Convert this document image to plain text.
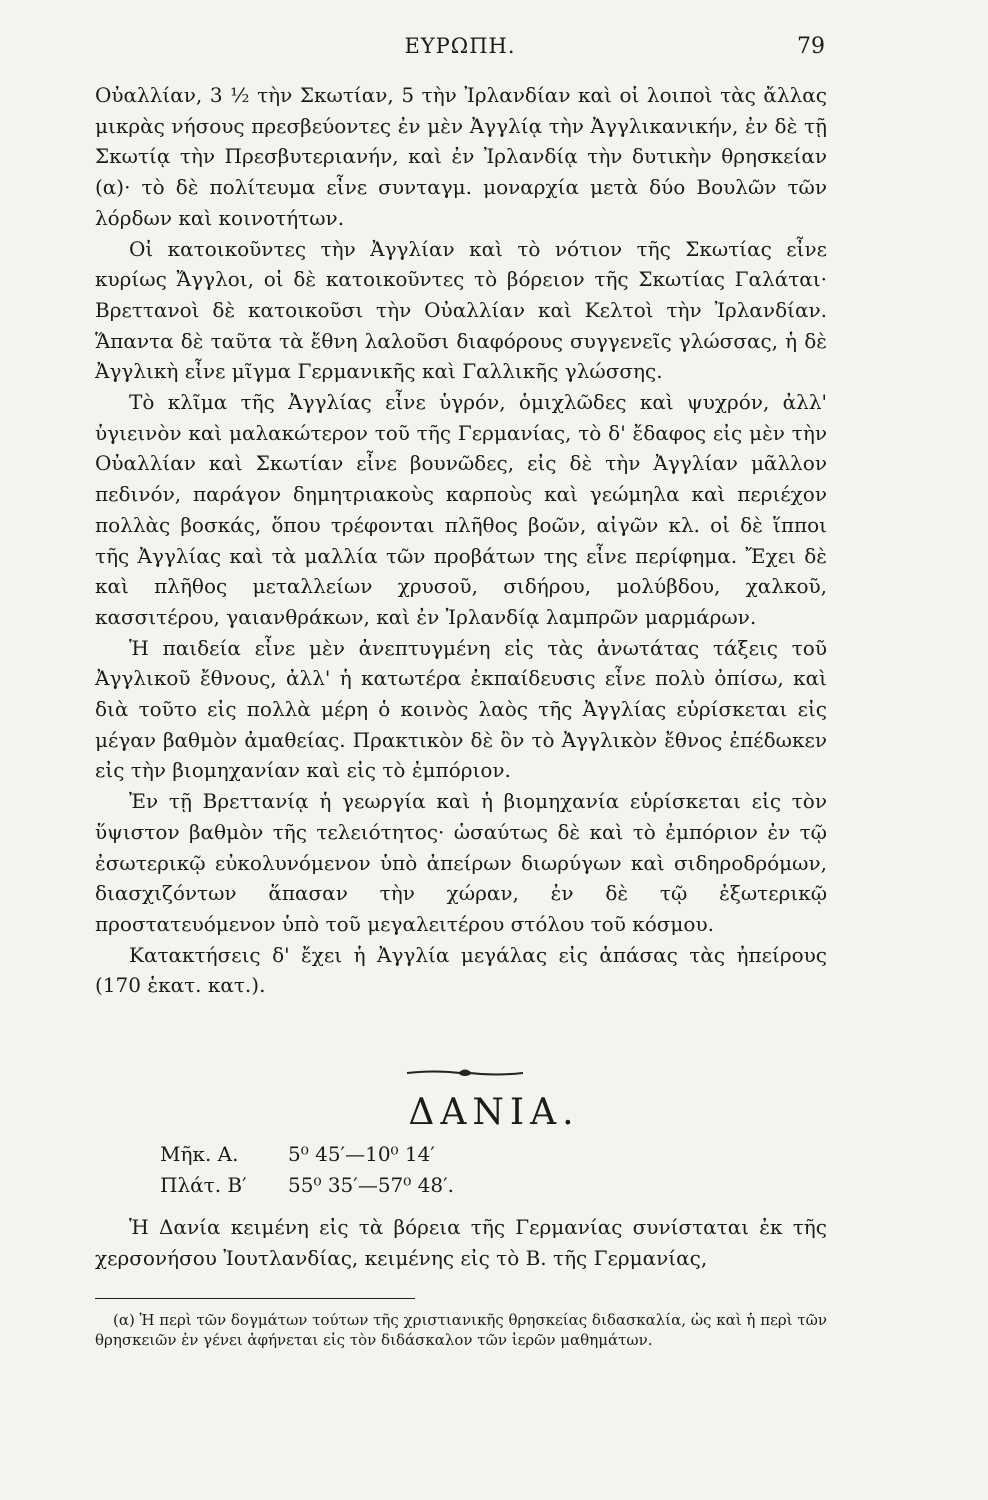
ΕΥΡΩΠΗ.	79

Οὐαλλίαν, 3 ½ τὴν Σκωτίαν, 5 τὴν Ἰρλανδίαν καὶ οἱ λοιποὶ τὰς ἄλλας μικρὰς νήσους πρεσβεύοντες ἐν μὲν Ἀγγλίᾳ τὴν Ἀγγλικανικήν, ἐν δὲ τῇ Σκωτίᾳ τὴν Πρεσβυτεριανήν, καὶ ἐν Ἰρλανδίᾳ τὴν δυτικὴν θρησκείαν (α)· τὸ δὲ πολίτευμα εἶνε συνταγμ. μοναρχία μετὰ δύο Βουλῶν τῶν λόρδων καὶ κοινοτήτων.

Οἱ κατοικοῦντες τὴν Ἀγγλίαν καὶ τὸ νότιον τῆς Σκωτίας εἶνε κυρίως Ἄγγλοι, οἱ δὲ κατοικοῦντες τὸ βόρειον τῆς Σκωτίας Γαλάται· Βρεττανοὶ δὲ κατοικοῦσι τὴν Οὐαλλίαν καὶ Κελτοὶ τὴν Ἰρλανδίαν. Ἅπαντα δὲ ταῦτα τὰ ἔθνη λαλοῦσι διαφόρους συγγενεῖς γλώσσας, ἡ δὲ Ἀγγλικὴ εἶνε μῖγμα Γερμανικῆς καὶ Γαλλικῆς γλώσσης.

Τὸ κλῖμα τῆς Ἀγγλίας εἶνε ὑγρόν, ὁμιχλῶδες καὶ ψυχρόν, ἀλλ' ὑγιεινὸν καὶ μαλακώτερον τοῦ τῆς Γερμανίας, τὸ δ' ἔδαφος εἰς μὲν τὴν Οὐαλλίαν καὶ Σκωτίαν εἶνε βουνῶδες, εἰς δὲ τὴν Ἀγγλίαν μᾶλλον πεδινόν, παράγον δημητριακοὺς καρποὺς καὶ γεώμηλα καὶ περιέχον πολλὰς βοσκάς, ὅπου τρέφονται πλῆθος βοῶν, αἰγῶν κλ. οἱ δὲ ἵπποι τῆς Ἀγγλίας καὶ τὰ μαλλία τῶν προβάτων της εἶνε περίφημα. Ἔχει δὲ καὶ πλῆθος μεταλλείων χρυσοῦ, σιδήρου, μολύβδου, χαλκοῦ, κασσιτέρου, γαιανθράκων, καὶ ἐν Ἰρλανδίᾳ λαμπρῶν μαρμάρων.

Ἡ παιδεία εἶνε μὲν ἀνεπτυγμένη εἰς τὰς ἀνωτάτας τάξεις τοῦ Ἀγγλικοῦ ἔθνους, ἀλλ' ἡ κατωτέρα ἐκπαίδευσις εἶνε πολὺ ὀπίσω, καὶ διὰ τοῦτο εἰς πολλὰ μέρη ὁ κοινὸς λαὸς τῆς Ἀγγλίας εὑρίσκεται εἰς μέγαν βαθμὸν ἀμαθείας. Πρακτικὸν δὲ ὂν τὸ Ἀγγλικὸν ἔθνος ἐπέδωκεν εἰς τὴν βιομηχανίαν καὶ εἰς τὸ ἐμπόριον.

Ἐν τῇ Βρεττανίᾳ ἡ γεωργία καὶ ἡ βιομηχανία εὑρίσκεται εἰς τὸν ὕψιστον βαθμὸν τῆς τελειότητος· ὡσαύτως δὲ καὶ τὸ ἐμπόριον ἐν τῷ ἐσωτερικῷ εὐκολυνόμενον ὑπὸ ἀπείρων διωρύγων καὶ σιδηροδρόμων, διασχιζόντων ἅπασαν τὴν χώραν, ἐν δὲ τῷ ἐξωτερικῷ προστατευόμενον ὑπὸ τοῦ μεγαλειτέρου στόλου τοῦ κόσμου.

Κατακτήσεις δ' ἔχει ἡ Ἀγγλία μεγάλας εἰς ἁπάσας τὰς ἠπείρους (170 ἑκατ. κατ.).

ΔΑΝΙΑ.
Μῆκ. Α.	5⁰ 45′—10⁰ 14′
Πλάτ. Β′	55⁰ 35′—57⁰ 48′.

Ἡ Δανία κειμένη εἰς τὰ βόρεια τῆς Γερμανίας συνίσταται ἐκ τῆς χερσονήσου Ἰουτλανδίας, κειμένης εἰς τὸ Β. τῆς Γερμανίας,

(α) Ἡ περὶ τῶν δογμάτων τούτων τῆς χριστιανικῆς θρησκείας διδασκαλία, ὡς καὶ ἡ περὶ τῶν θρησκειῶν ἐν γένει ἀφήνεται εἰς τὸν διδάσκαλον τῶν ἱερῶν μαθημάτων.
